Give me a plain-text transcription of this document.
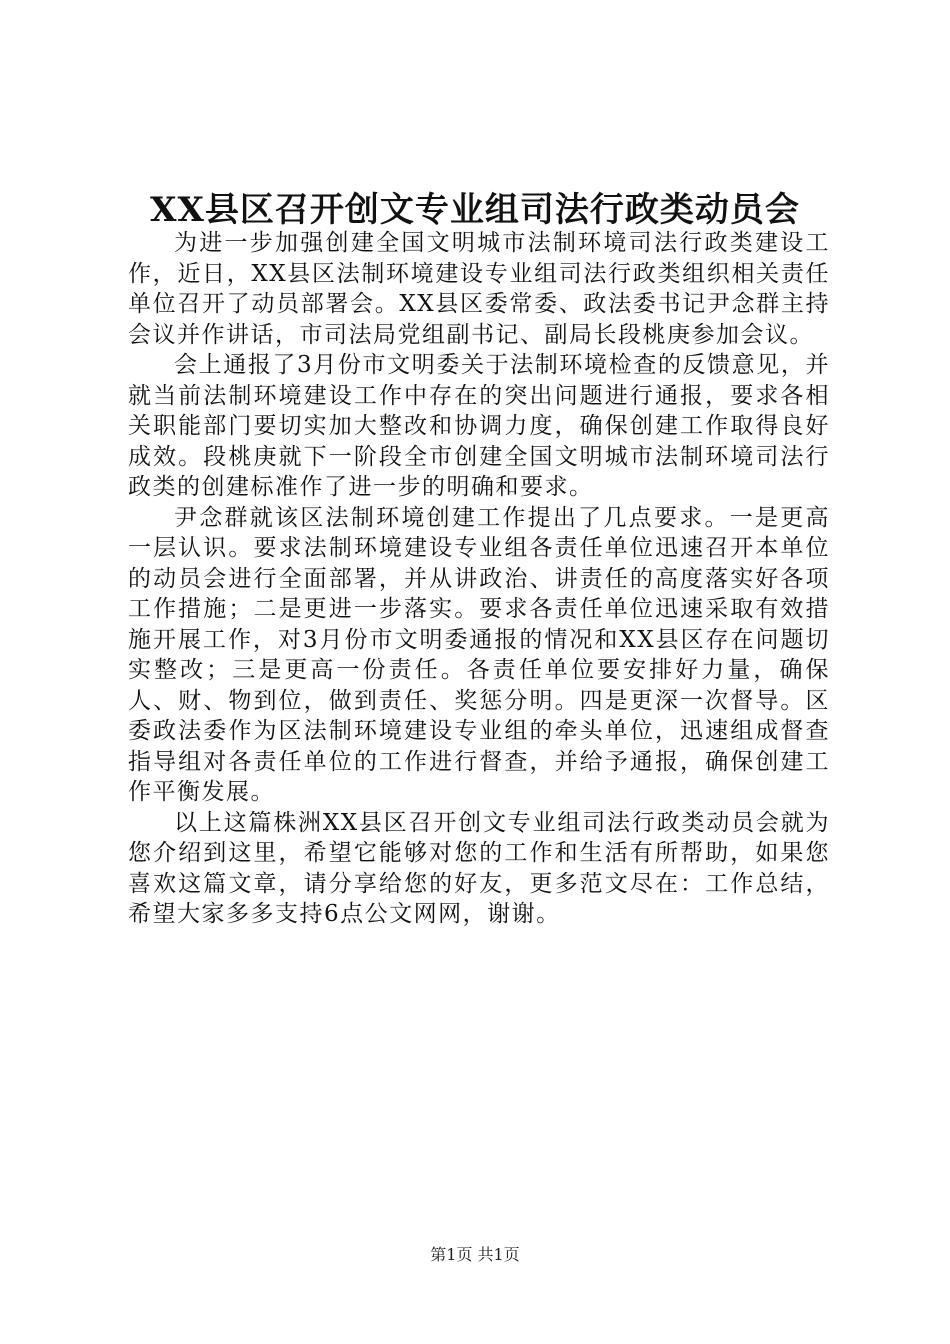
XX县区召开创文专业组司法行政类动员会

为进一步加强创建全国文明城市法制环境司法行政类建设工作，近日，XX县区法制环境建设专业组司法行政类组织相关责任单位召开了动员部署会。XX县区委常委、政法委书记尹念群主持会议并作讲话，市司法局党组副书记、副局长段桃庚参加会议。

会上通报了3月份市文明委关于法制环境检查的反馈意见，并就当前法制环境建设工作中存在的突出问题进行通报，要求各相关职能部门要切实加大整改和协调力度，确保创建工作取得良好成效。段桃庚就下一阶段全市创建全国文明城市法制环境司法行政类的创建标准作了进一步的明确和要求。

尹念群就该区法制环境创建工作提出了几点要求。一是更高一层认识。要求法制环境建设专业组各责任单位迅速召开本单位的动员会进行全面部署，并从讲政治、讲责任的高度落实好各项工作措施；二是更进一步落实。要求各责任单位迅速采取有效措施开展工作，对3月份市文明委通报的情况和XX县区存在问题切实整改；三是更高一份责任。各责任单位要安排好力量，确保人、财、物到位，做到责任、奖惩分明。四是更深一次督导。区委政法委作为区法制环境建设专业组的牵头单位，迅速组成督查指导组对各责任单位的工作进行督查，并给予通报，确保创建工作平衡发展。

以上这篇株洲XX县区召开创文专业组司法行政类动员会就为您介绍到这里，希望它能够对您的工作和生活有所帮助，如果您喜欢这篇文章，请分享给您的好友，更多范文尽在：工作总结，希望大家多多支持6点公文网网，谢谢。

第1页 共1页
